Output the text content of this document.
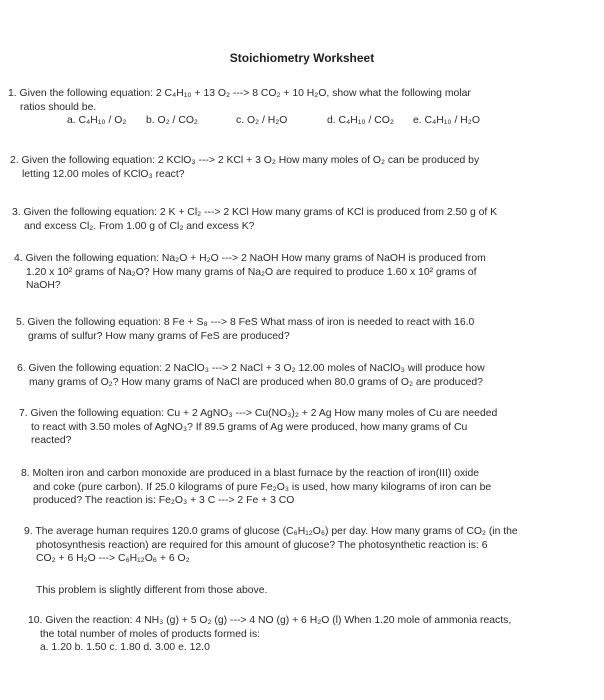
Stoichiometry Worksheet
1. Given the following equation: 2 C₄H₁₀ + 13 O₂ ---> 8 CO₂ + 10 H₂O, show what the following molar
ratios should be.
a. C₄H₁₀ / O₂ b. O₂ / CO₂	c. O₂ / H₂O	d. C₄H₁₀ / CO₂ e. C₄H₁₀ / H₂O
2. Given the following equation: 2 KClO₃ ---> 2 KCl + 3 O₂ How many moles of O₂ can be produced by
letting 12.00 moles of KClO₃ react?
3. Given the following equation: 2 K + Cl₂ ---> 2 KCl How many grams of KCl is produced from 2.50 g of K
and excess Cl₂. From 1.00 g of Cl₂ and excess K?
4. Given the following equation: Na₂O + H₂O ---> 2 NaOH How many grams of NaOH is produced from
1.20 x 10² grams of Na₂O? How many grams of Na₂O are required to produce 1.60 x 10² grams of
NaOH?
5. Given the following equation: 8 Fe + S₈ ---> 8 FeS What mass of iron is needed to react with 16.0
grams of sulfur? How many grams of FeS are produced?
6. Given the following equation: 2 NaClO₃ ---> 2 NaCl + 3 O₂ 12.00 moles of NaClO₃ will produce how
many grams of O₂? How many grams of NaCl are produced when 80.0 grams of O₂ are produced?
7. Given the following equation: Cu + 2 AgNO₃ ---> Cu(NO₃)₂ + 2 Ag How many moles of Cu are needed
to react with 3.50 moles of AgNO₃? If 89.5 grams of Ag were produced, how many grams of Cu
reacted?
8. Molten iron and carbon monoxide are produced in a blast furnace by the reaction of iron(III) oxide
and coke (pure carbon). If 25.0 kilograms of pure Fe₂O₃ is used, how many kilograms of iron can be
produced? The reaction is: Fe₂O₃ + 3 C ---> 2 Fe + 3 CO
9. The average human requires 120.0 grams of glucose (C₆H₁₂O₆) per day. How many grams of CO₂ (in the
photosynthesis reaction) are required for this amount of glucose? The photosynthetic reaction is: 6
CO₂ + 6 H₂O ---> C₆H₁₂O₆ + 6 O₂
This problem is slightly different from those above.
10. Given the reaction: 4 NH₃ (g) + 5 O₂ (g) ---> 4 NO (g) + 6 H₂O (l) When 1.20 mole of ammonia reacts,
the total number of moles of products formed is:
a. 1.20 b. 1.50 c. 1.80 d. 3.00 e. 12.0
